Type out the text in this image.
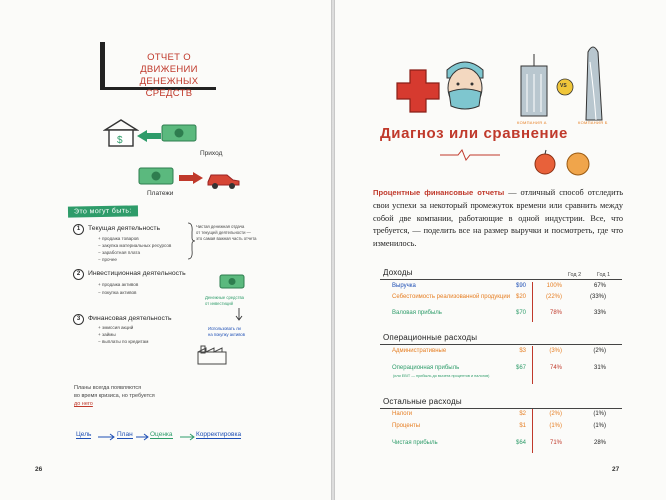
ОТЧЕТ О ДВИЖЕНИИ ДЕНЕЖНЫХ СРЕДСТВ
$
Приход
Платежи
Это могут быть:
1	Текущая деятельность
+ продажа товаров
− закупка материальных ресурсов
− заработная плата
− прочее
Чистая денежная отдача
от текущей деятельности —
это самая важная часть отчета
2	Инвестиционная деятельность
+ продажа активов
− покупка активов
Денежные средства
от инвестиций
3	Финансовая деятельность
+ эмиссия акций
+ займы
− выплаты по кредитам
Использовать ли
на покупку активов
Планы всегда появляются
во время кризиса, но требуется
до него
Цель	План	Оценка	Корректировка
26
VS
КОМПАНИЯ А	КОМПАНИЯ Б
Диагноз или сравнение
Процентные финансовые отчеты — отличный способ отследить свои успехи за некоторый промежуток времени или сравнить между собой две компании, работающие в одной индустрии. Все, что требуется, — поделить все на размер выручки и посмотреть, где что изменилось.
Доходы	Год 2	Год 1
Выручка	$90	100%	67%
Себестоимость реализованной продукции $20	(22%)	(33%)
Валовая прибыль	$70	78%	33%
Операционные расходы
Административные	$3	(3%)	(2%)
Операционная прибыль	$67	74%	31%
(или EBIT — прибыль до вычета процентов и налогов)
Остальные расходы
Налоги	$2	(2%)	(1%)
Проценты	$1	(1%)	(1%)
Чистая прибыль	$64	71%	28%
27
